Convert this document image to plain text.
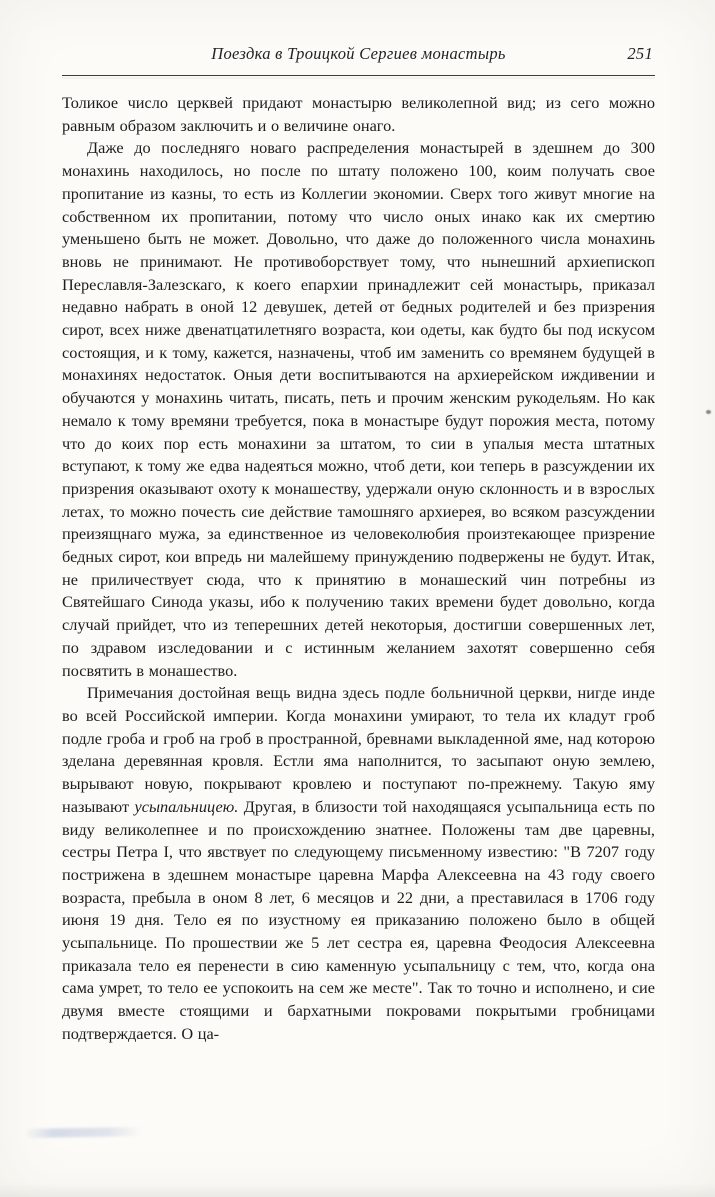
Поездка в Троицкой Сергиев монастырь	251

Толикое число церквей придают монастырю великолепной вид; из сего можно равным образом заключить и о величине онаго.

Даже до последняго новаго распределения монастырей в здешнем до 300 монахинь находилось, но после по штату положено 100, коим получать свое пропитание из казны, то есть из Коллегии экономии. Сверх того живут многие на собственном их пропитании, потому что число оных инако как их смертию уменьшено быть не может. Довольно, что даже до положенного числа монахинь вновь не принимают. Не противоборствует тому, что нынешний архиепископ Переславля-Залезскаго, к коего епархии принадлежит сей монастырь, приказал недавно набрать в оной 12 девушек, детей от бедных родителей и без призрения сирот, всех ниже двенатцатилетняго возраста, кои одеты, как будто бы под искусом состоящия, и к тому, кажется, назначены, чтоб им заменить со времянем будущей в монахинях недостаток. Оныя дети воспитываются на архиерейском иждивении и обучаются у монахинь читать, писать, петь и прочим женским рукодельям. Но как немало к тому времяни требуется, пока в монастыре будут порожия места, потому что до коих пор есть монахини за штатом, то сии в упалыя места штатных вступают, к тому же едва надеяться можно, чтоб дети, кои теперь в разсуждении их призрения оказывают охоту к монашеству, удержали оную склонность и в взрослых летах, то можно почесть сие действие тамошняго архиерея, во всяком разсуждении преизящнаго мужа, за единственное из человеколюбия произтекающее призрение бедных сирот, кои впредь ни малейшему принуждению подвержены не будут. Итак, не приличествует сюда, что к принятию в монашеский чин потребны из Святейшаго Синода указы, ибо к получению таких времени будет довольно, когда случай прийдет, что из теперешних детей некоторыя, достигши совершенных лет, по здравом изследовании и с истинным желанием захотят совершенно себя посвятить в монашество.

Примечания достойная вещь видна здесь подле больничной церкви, нигде инде во всей Российской империи. Когда монахини умирают, то тела их кладут гроб подле гроба и гроб на гроб в пространной, бревнами выкладенной яме, над которою зделана деревянная кровля. Естли яма наполнится, то засыпают оную землею, вырывают новую, покрывают кровлею и поступают по-прежнему. Такую яму называют усыпальницею. Другая, в близости той находящаяся усыпальница есть по виду великолепнее и по происхождению знатнее. Положены там две царевны, сестры Петра I, что явствует по следующему письменному известию: "В 7207 году пострижена в здешнем монастыре царевна Марфа Алексеевна на 43 году своего возраста, пребыла в оном 8 лет, 6 месяцов и 22 дни, а преставилася в 1706 году июня 19 дня. Тело ея по изустному ея приказанию положено было в общей усыпальнице. По прошествии же 5 лет сестра ея, царевна Феодосия Алексеевна приказала тело ея перенести в сию каменную усыпальницу с тем, что, когда она сама умрет, то тело ее успокоить на сем же месте". Так то точно и исполнено, и сие двумя вместе стоящими и бархатными покровами покрытыми гробницами подтверждается. О ца-
